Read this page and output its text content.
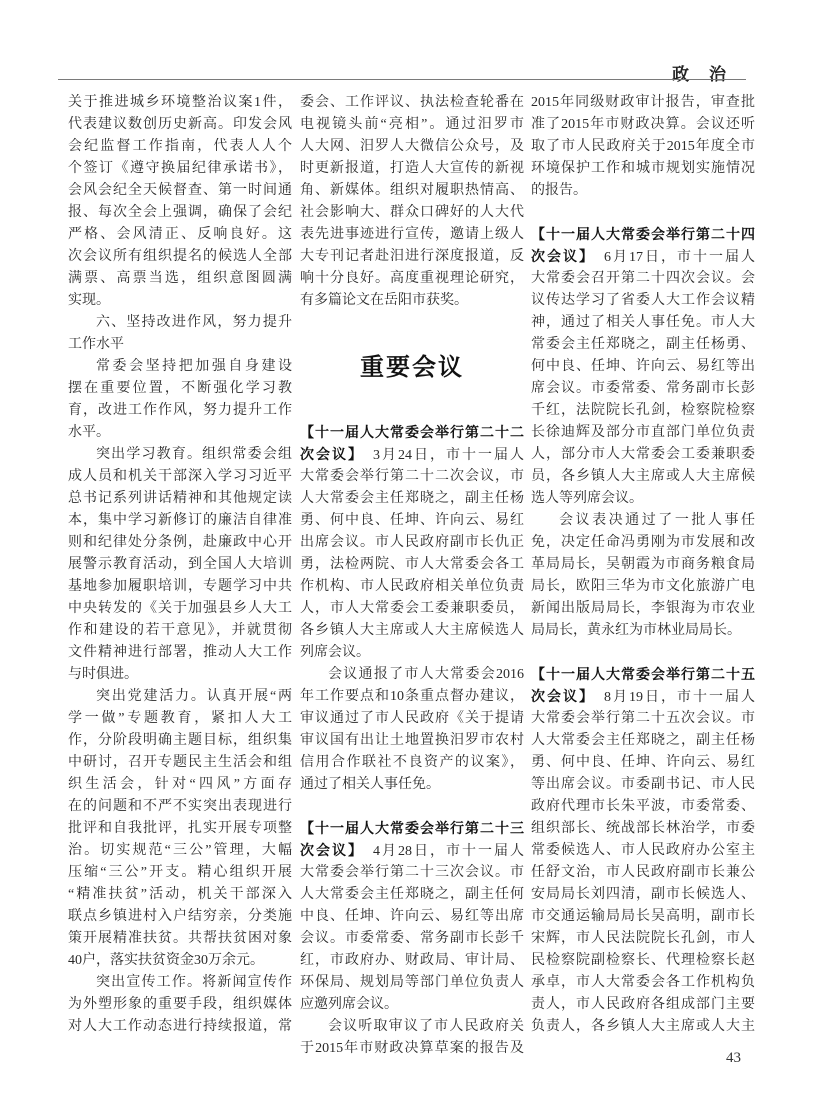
政治
关于推进城乡环境整治议案1件，
代表建议数创历史新高。印发会风
会纪监督工作指南，代表人人个
个签订《遵守换届纪律承诺书》，
会风会纪全天候督查、第一时间通
报、每次全会上强调，确保了会纪
严格、会风清正、反响良好。这
次会议所有组织提名的候选人全部
满票、高票当选，组织意图圆满
实现。
六、坚持改进作风，努力提升
工作水平
常委会坚持把加强自身建设
摆在重要位置，不断强化学习教
育，改进工作作风，努力提升工作
水平。
突出学习教育。组织常委会组
成人员和机关干部深入学习习近平
总书记系列讲话精神和其他规定读
本，集中学习新修订的廉洁自律准
则和纪律处分条例，赴廉政中心开
展警示教育活动，到全国人大培训
基地参加履职培训，专题学习中共
中央转发的《关于加强县乡人大工
作和建设的若干意见》，并就贯彻
文件精神进行部署，推动人大工作
与时俱进。
突出党建活力。认真开展“两
学一做”专题教育，紧扣人大工
作，分阶段明确主题目标，组织集
中研讨，召开专题民主生活会和组
织生活会，针对“四风”方面存
在的问题和不严不实突出表现进行
批评和自我批评，扎实开展专项整
治。切实规范“三公”管理，大幅
压缩“三公”开支。精心组织开展
“精准扶贫”活动，机关干部深入
联点乡镇进村入户结穷亲，分类施
策开展精准扶贫。共帮扶贫困对象
40户，落实扶贫资金30万余元。
突出宣传工作。将新闻宣传作
为外塑形象的重要手段，组织媒体
对人大工作动态进行持续报道，常
委会、工作评议、执法检查轮番在
电视镜头前“亮相”。通过汨罗市
人大网、汨罗人大微信公众号，及
时更新报道，打造人大宣传的新视
角、新媒体。组织对履职热情高、
社会影响大、群众口碑好的人大代
表先进事迹进行宣传，邀请上级人
大专刊记者赴汨进行深度报道，反
响十分良好。高度重视理论研究，
有多篇论文在岳阳市获奖。
重要会议
【十一届人大常委会举行第二十二
次会议】　 3月24日，市十一届人
大常委会举行第二十二次会议，市
人大常委会主任郑晓之，副主任杨
勇、何中良、任坤、许向云、易红
出席会议。市人民政府副市长仇正
勇，法检两院、市人大常委会各工
作机构、市人民政府相关单位负责
人，市人大常委会工委兼职委员，
各乡镇人大主席或人大主席候选人
列席会议。
会议通报了市人大常委会2016
年工作要点和10条重点督办建议，
审议通过了市人民政府《关于提请
审议国有出让土地置换汨罗市农村
信用合作联社不良资产的议案》，
通过了相关人事任免。
【十一届人大常委会举行第二十三
次会议】　 4月28日，市十一届人
大常委会举行第二十三次会议。市
人大常委会主任郑晓之，副主任何
中良、任坤、许向云、易红等出席
会议。市委常委、常务副市长彭千
红，市政府办、财政局、审计局、
环保局、规划局等部门单位负责人
应邀列席会议。
会议听取审议了市人民政府关
于2015年市财政决算草案的报告及
2015年同级财政审计报告，审查批
准了2015年市财政决算。会议还听
取了市人民政府关于2015年度全市
环境保护工作和城市规划实施情况
的报告。
【十一届人大常委会举行第二十四
次会议】　 6月17日，市十一届人
大常委会召开第二十四次会议。会
议传达学习了省委人大工作会议精
神，通过了相关人事任免。市人大
常委会主任郑晓之，副主任杨勇、
何中良、任坤、许向云、易红等出
席会议。市委常委、常务副市长彭
千红，法院院长孔剑，检察院检察
长徐迪辉及部分市直部门单位负责
人，部分市人大常委会工委兼职委
员，各乡镇人大主席或人大主席候
选人等列席会议。
会议表决通过了一批人事任
免，决定任命冯勇刚为市发展和改
革局局长，吴朝霞为市商务粮食局
局长，欧阳三华为市文化旅游广电
新闻出版局局长，李银海为市农业
局局长，黄永红为市林业局局长。
【十一届人大常委会举行第二十五
次会议】　 8月19日，市十一届人
大常委会举行第二十五次会议。市
人大常委会主任郑晓之，副主任杨
勇、何中良、任坤、许向云、易红
等出席会议。市委副书记、市人民
政府代理市长朱平波，市委常委、
组织部长、统战部长林治学，市委
常委候选人、市人民政府办公室主
任舒文治，市人民政府副市长兼公
安局局长刘四清，副市长候选人、
市交通运输局局长吴高明，副市长
宋辉，市人民法院院长孔剑，市人
民检察院副检察长、代理检察长赵
承卓，市人大常委会各工作机构负
责人，市人民政府各组成部门主要
负责人，各乡镇人大主席或人大主
43
